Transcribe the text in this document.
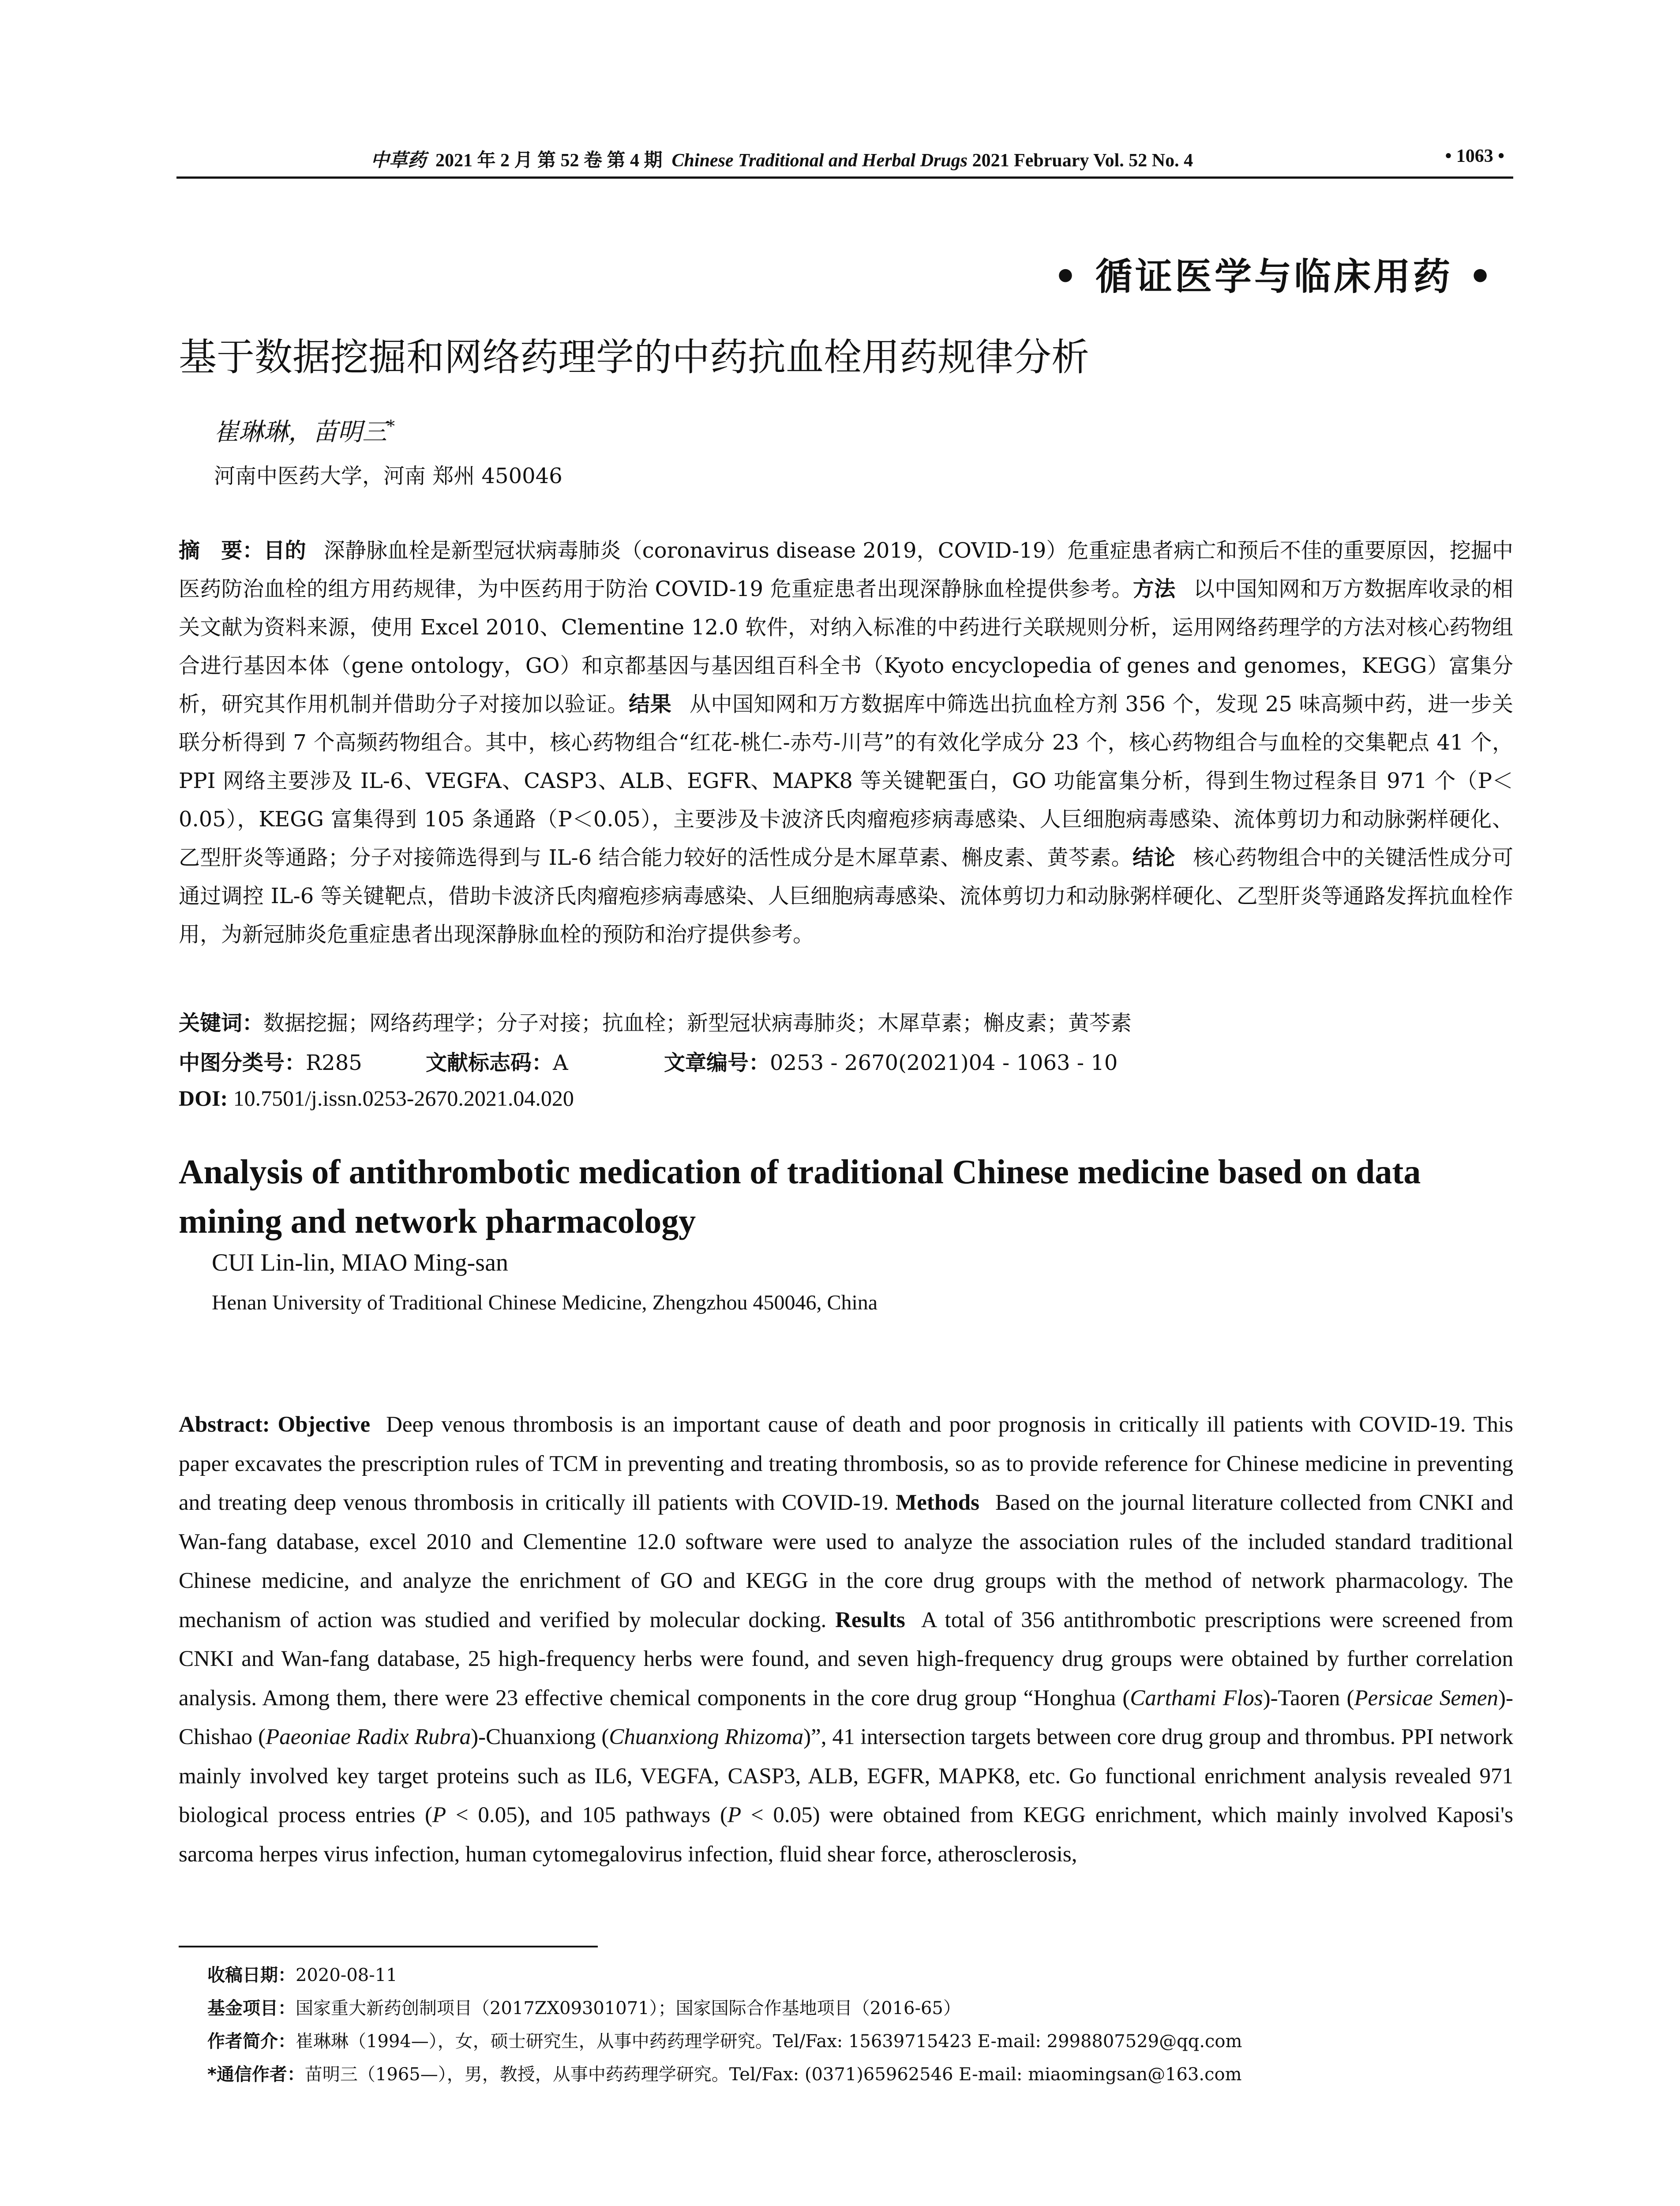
中草药 2021 年 2 月 第 52 卷 第 4 期 Chinese Traditional and Herbal Drugs 2021 February Vol. 52 No. 4	• 1063 •
• 循证医学与临床用药 •
基于数据挖掘和网络药理学的中药抗血栓用药规律分析
崔琳琳，苗明三*
河南中医药大学，河南 郑州 450046
摘　要：目的 深静脉血栓是新型冠状病毒肺炎（coronavirus disease 2019，COVID-19）危重症患者病亡和预后不佳的重要原因，挖掘中医药防治血栓的组方用药规律，为中医药用于防治 COVID-19 危重症患者出现深静脉血栓提供参考。方法 以中国知网和万方数据库收录的相关文献为资料来源，使用 Excel 2010、Clementine 12.0 软件，对纳入标准的中药进行关联规则分析，运用网络药理学的方法对核心药物组合进行基因本体（gene ontology，GO）和京都基因与基因组百科全书（Kyoto encyclopedia of genes and genomes，KEGG）富集分析，研究其作用机制并借助分子对接加以验证。结果 从中国知网和万方数据库中筛选出抗血栓方剂 356 个，发现 25 味高频中药，进一步关联分析得到 7 个高频药物组合。其中，核心药物组合“红花-桃仁-赤芍-川芎”的有效化学成分 23 个，核心药物组合与血栓的交集靶点 41 个，PPI 网络主要涉及 IL-6、VEGFA、CASP3、ALB、EGFR、MAPK8 等关键靶蛋白，GO 功能富集分析，得到生物过程条目 971 个（P＜0.05），KEGG 富集得到 105 条通路（P＜0.05），主要涉及卡波济氏肉瘤疱疹病毒感染、人巨细胞病毒感染、流体剪切力和动脉粥样硬化、乙型肝炎等通路；分子对接筛选得到与 IL-6 结合能力较好的活性成分是木犀草素、槲皮素、黄芩素。结论 核心药物组合中的关键活性成分可通过调控 IL-6 等关键靶点，借助卡波济氏肉瘤疱疹病毒感染、人巨细胞病毒感染、流体剪切力和动脉粥样硬化、乙型肝炎等通路发挥抗血栓作用，为新冠肺炎危重症患者出现深静脉血栓的预防和治疗提供参考。
关键词：数据挖掘；网络药理学；分子对接；抗血栓；新型冠状病毒肺炎；木犀草素；槲皮素；黄芩素
中图分类号：R285	文献标志码：A	文章编号：0253 - 2670(2021)04 - 1063 - 10
DOI: 10.7501/j.issn.0253-2670.2021.04.020
Analysis of antithrombotic medication of traditional Chinese medicine based on data mining and network pharmacology
CUI Lin-lin, MIAO Ming-san
Henan University of Traditional Chinese Medicine, Zhengzhou 450046, China
Abstract: Objective Deep venous thrombosis is an important cause of death and poor prognosis in critically ill patients with COVID-19. This paper excavates the prescription rules of TCM in preventing and treating thrombosis, so as to provide reference for Chinese medicine in preventing and treating deep venous thrombosis in critically ill patients with COVID-19. Methods Based on the journal literature collected from CNKI and Wan-fang database, excel 2010 and Clementine 12.0 software were used to analyze the association rules of the included standard traditional Chinese medicine, and analyze the enrichment of GO and KEGG in the core drug groups with the method of network pharmacology. The mechanism of action was studied and verified by molecular docking. Results A total of 356 antithrombotic prescriptions were screened from CNKI and Wan-fang database, 25 high-frequency herbs were found, and seven high-frequency drug groups were obtained by further correlation analysis. Among them, there were 23 effective chemical components in the core drug group “Honghua (Carthami Flos)-Taoren (Persicae Semen)-Chishao (Paeoniae Radix Rubra)-Chuanxiong (Chuanxiong Rhizoma)”, 41 intersection targets between core drug group and thrombus. PPI network mainly involved key target proteins such as IL6, VEGFA, CASP3, ALB, EGFR, MAPK8, etc. Go functional enrichment analysis revealed 971 biological process entries (P < 0.05), and 105 pathways (P < 0.05) were obtained from KEGG enrichment, which mainly involved Kaposi's sarcoma herpes virus infection, human cytomegalovirus infection, fluid shear force, atherosclerosis,
收稿日期：2020-08-11
基金项目：国家重大新药创制项目（2017ZX09301071）；国家国际合作基地项目（2016-65）
作者简介：崔琳琳（1994—），女，硕士研究生，从事中药药理学研究。Tel/Fax: 15639715423 E-mail: 2998807529@qq.com
*通信作者：苗明三（1965—），男，教授，从事中药药理学研究。Tel/Fax: (0371)65962546 E-mail: miaomingsan@163.com
